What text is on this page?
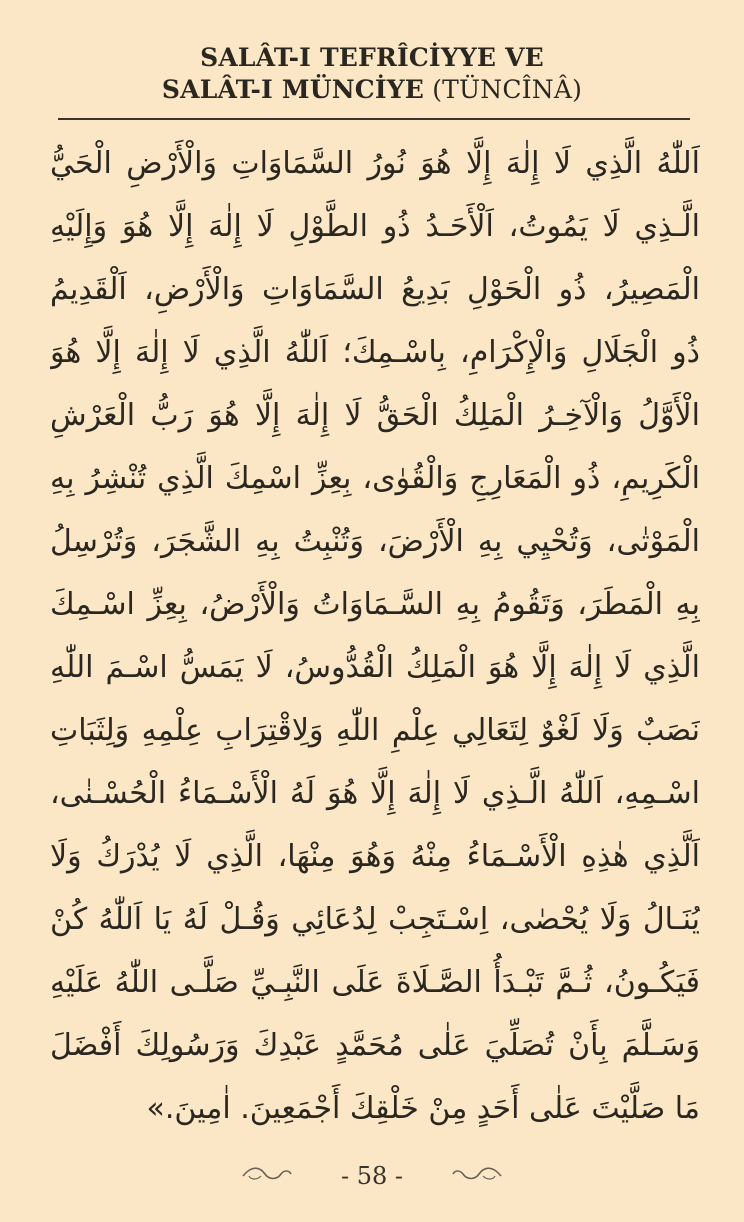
SALÂT-I TEFRÎCİYYE VE
SALÂT-I MÜNCİYE (TÜNCÎNÂ)
اَللّٰهُ الَّذِي لَا إِلٰهَ إِلَّا هُوَ نُورُ السَّمَاوَاتِ وَالْأَرْضِ الْحَيُّ
الَّـذِي لَا يَمُوتُ، اَلْأَحَـدُ ذُو الطَّوْلِ لَا إِلٰهَ إِلَّا هُوَ وَإِلَيْهِ
الْمَصِيرُ، ذُو الْحَوْلِ بَدِيعُ السَّمَاوَاتِ وَالْأَرْضِ، اَلْقَدِيمُ
ذُو الْجَلَالِ وَالْإِكْرَامِ، بِاسْـمِكَ؛ اَللّٰهُ الَّذِي لَا إِلٰهَ إِلَّا هُوَ
الْأَوَّلُ وَالْآخِـرُ الْمَلِكُ الْحَقُّ لَا إِلٰهَ إِلَّا هُوَ رَبُّ الْعَرْشِ
الْكَرِيمِ، ذُو الْمَعَارِجِ وَالْقُوٰى، بِعِزِّ اسْمِكَ الَّذِي تُنْشِرُ بِهِ
الْمَوْتٰى، وَتُحْيِي بِهِ الْأَرْضَ، وَتُنْبِتُ بِهِ الشَّجَرَ، وَتُرْسِلُ
بِهِ الْمَطَرَ، وَتَقُومُ بِهِ السَّـمَاوَاتُ وَالْأَرْضُ، بِعِزِّ اسْـمِكَ
الَّذِي لَا إِلٰهَ إِلَّا هُوَ الْمَلِكُ الْقُدُّوسُ، لَا يَمَسُّ اسْـمَ اللّٰهِ
نَصَبٌ وَلَا لَغْوٌ لِتَعَالِي عِلْمِ اللّٰهِ وَلِاقْتِرَابِ عِلْمِهِ وَلِثَبَاتِ
اسْـمِهِ، اَللّٰهُ الَّـذِي لَا إِلٰهَ إِلَّا هُوَ لَهُ الْأَسْـمَاءُ الْحُسْـنٰى،
اَلَّذِي هٰذِهِ الْأَسْـمَاءُ مِنْهُ وَهُوَ مِنْهَا، الَّذِي لَا يُدْرَكُ وَلَا
يُنَـالُ وَلَا يُحْصٰى، اِسْـتَجِبْ لِدُعَائِي وَقُـلْ لَهُ يَا اَللّٰهُ كُنْ
فَيَكُـونُ، ثُـمَّ تَبْـدَأُ الصَّـلَاةَ عَلَى النَّبِـيِّ صَلَّـى اللّٰهُ عَلَيْهِ
وَسَـلَّمَ بِأَنْ تُصَلِّيَ عَلٰى مُحَمَّدٍ عَبْدِكَ وَرَسُولِكَ أَفْضَلَ
مَا صَلَّيْتَ عَلٰى أَحَدٍ مِنْ خَلْقِكَ أَجْمَعِينَ. اٰمِينَ.»
- 58 -
